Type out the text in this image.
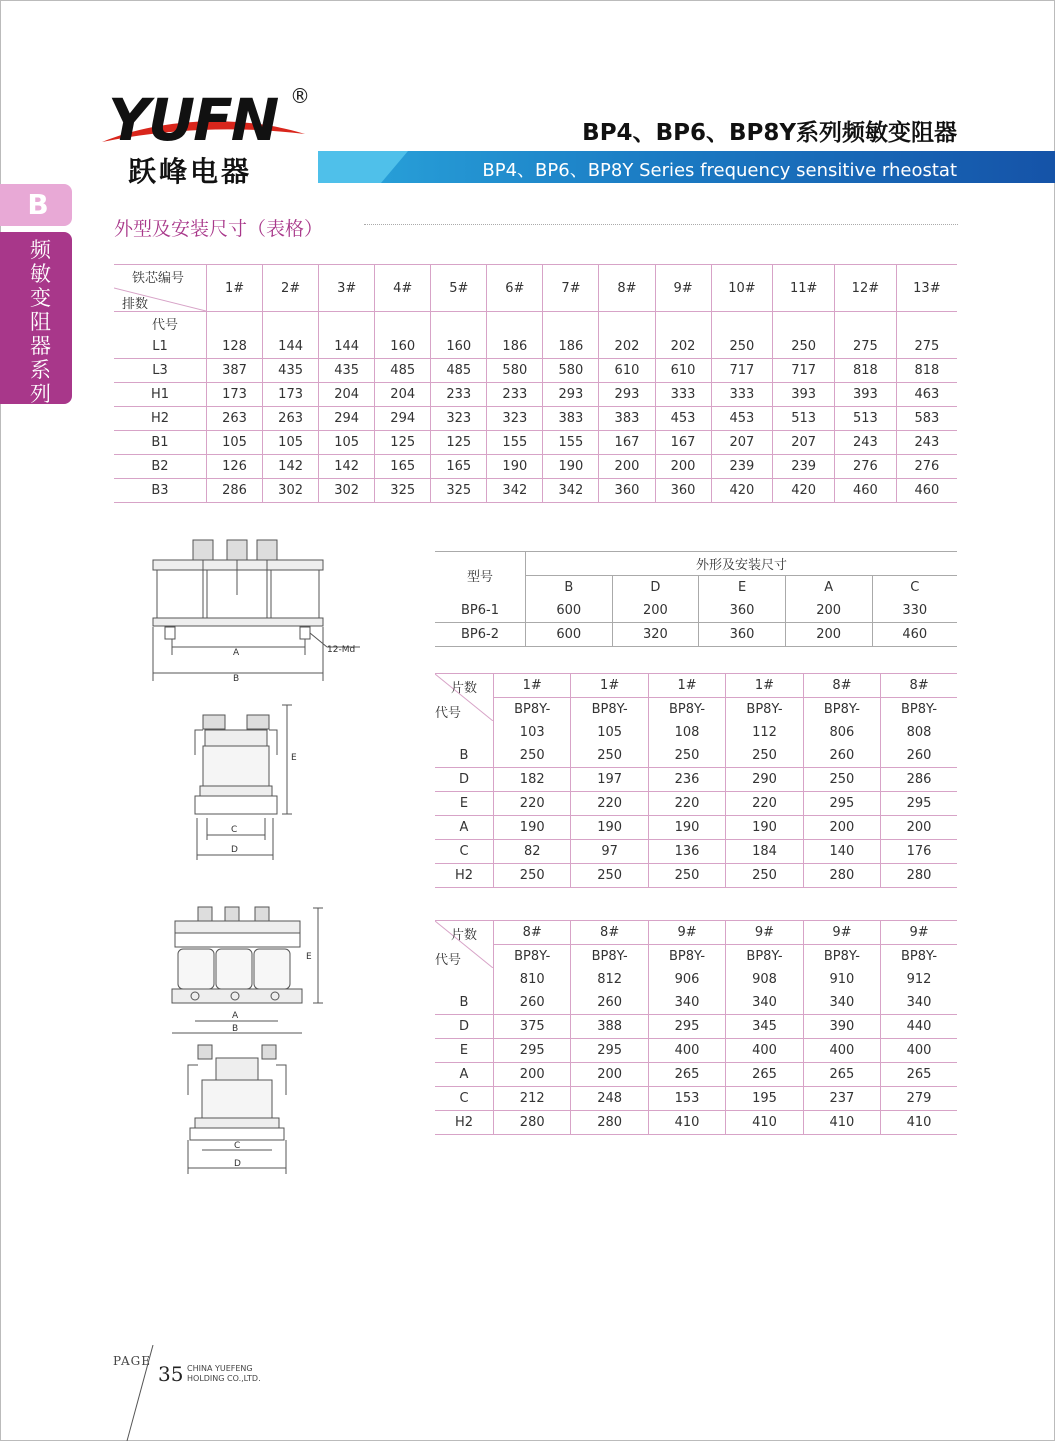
YUFN ®
跃峰电器
BP4、BP6、BP8Y系列频敏变阻器
BP4、BP6、BP8Y Series frequency sensitive rheostat
B
频敏变阻器系列
外型及安装尺寸（表格）
铁芯编号
排数	1#	2#	3#	4#	5#	6#	7#	8#	9#	10#	11#	12#	13#
代号													
L1	128	144	144	160	160	186	186	202	202	250	250	275	275
L3	387	435	435	485	485	580	580	610	610	717	717	818	818
H1	173	173	204	204	233	233	293	293	333	333	393	393	463
H2	263	263	294	294	323	323	383	383	453	453	513	513	583
B1	105	105	105	125	125	155	155	167	167	207	207	243	243
B2	126	142	142	165	165	190	190	200	200	239	239	276	276
B3	286	302	302	325	325	342	342	360	360	420	420	460	460
A
B
12-Md
E
C
D
型号	外形及安装尺寸				
	B	D	E	A	C
BP6-1	600	200	360	200	330
BP6-2	600	320	360	200	460
片数
代号	1#	1#	1#	1#	8#	8#
	BP8Y-	BP8Y-	BP8Y-	BP8Y-	BP8Y-	BP8Y-
	103	105	108	112	806	808
B	250	250	250	250	260	260
D	182	197	236	290	250	286
E	220	220	220	220	295	295
A	190	190	190	190	200	200
C	82	97	136	184	140	176
H2	250	250	250	250	280	280
E
A
B
C
D
片数
代号	8#	8#	9#	9#	9#	9#
	BP8Y-	BP8Y-	BP8Y-	BP8Y-	BP8Y-	BP8Y-
	810	812	906	908	910	912
B	260	260	340	340	340	340
D	375	388	295	345	390	440
E	295	295	400	400	400	400
A	200	200	265	265	265	265
C	212	248	153	195	237	279
H2	280	280	410	410	410	410
PAGE
35 CHINA YUEFENG
HOLDING CO.,LTD.
